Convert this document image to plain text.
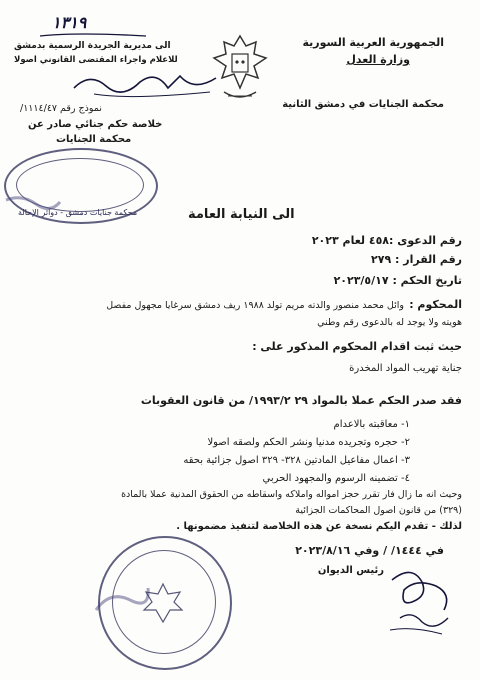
الجمهورية العربية السورية
وزارة العدل
محكمة الجنايات في دمشق الثانية
١٣١٩
الى مديرية الجريدة الرسمية بدمشق
للاعلام واجراء المقتضى القانوني اصولا
نموذج رقم ١١١٤/٤٧/
خلاصة حكم جنائي صادر عن
محكمة الجنايات
محكمة جنايات دمشق - دوائر الإحالة	الى النيابة العامة
رقم الدعوى :٤٥٨ لعام ٢٠٢٣
رقم القرار : ٢٧٩
تاريخ الحكم : ٢٠٢٣/٥/١٧
المحكوم :
وائل محمد منصور والدته مريم تولد ١٩٨٨ ريف دمشق سرغايا مجهول مفصل
هويته ولا يوجد له بالدعوى رقم وطني
حيث ثبت اقدام المحكوم المذكور على :
جناية تهريب المواد المخدرة
فقد صدر الحكم عملا بالمواد ٢٩ ١٩٩٣/٢/ من قانون العقوبات
١- معاقبته بالاعدام
٢- حجره وتجريده مدنيا ونشر الحكم ولصقه اصولا
٣- اعمال مفاعيل المادتين ٣٢٨- ٣٢٩ اصول جزائية بحقه
٤- تضمينه الرسوم والمجهود الحربي
وحيث انه ما زال فار تقرر حجز امواله واملاكه واسقاطه من الحقوق المدنية عملا بالمادة
(٣٢٩) من قانون اصول المحاكمات الجزائية
لذلك - تقدم اليكم نسخة عن هذه الخلاصة لتنفيذ مضمونها .
في ١٤٤٤/ / وفي ٢٠٢٣/٨/١٦
رئيس الديوان
